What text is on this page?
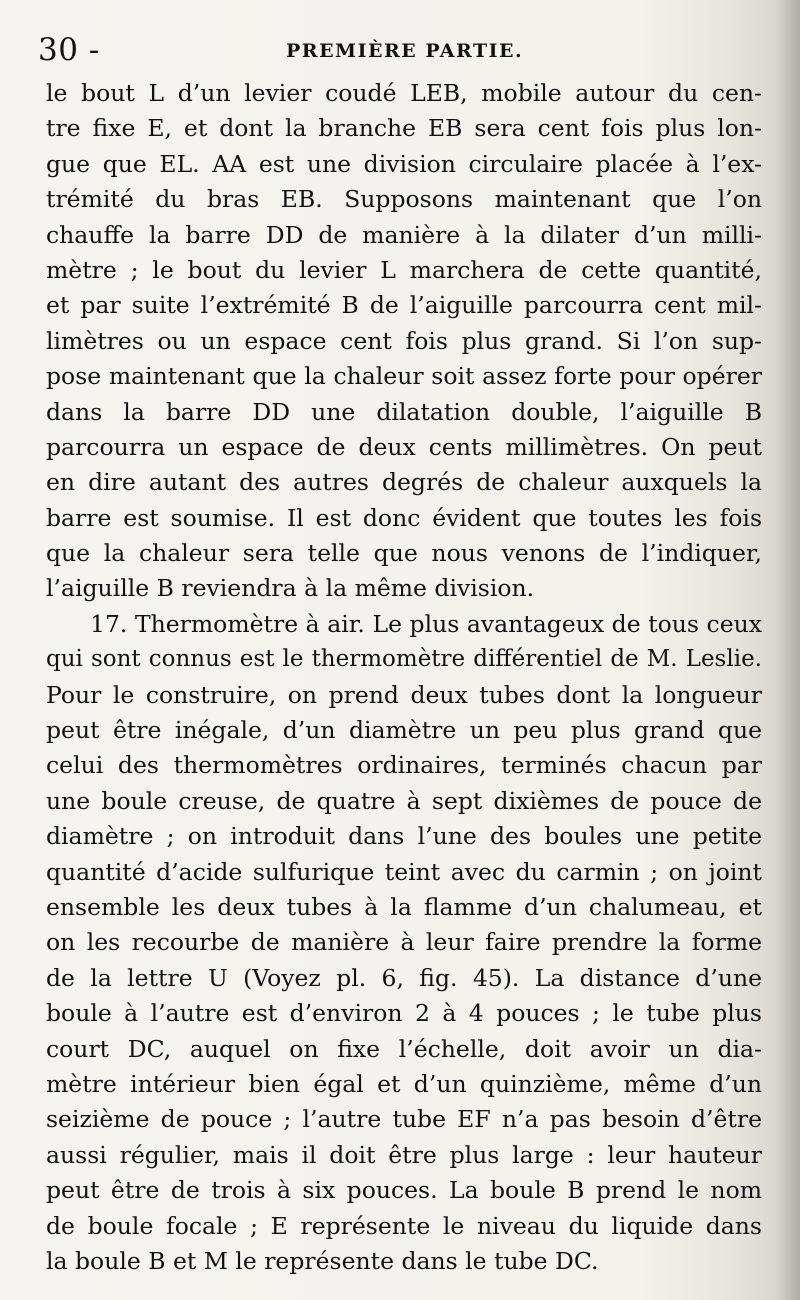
30 -	PREMIÈRE PARTIE.
le bout L d’un levier coudé LEB, mobile autour du cen-
tre fixe E, et dont la branche EB sera cent fois plus lon-
gue que EL. AA est une division circulaire placée à l’ex-
trémité du bras EB. Supposons maintenant que l’on
chauffe la barre DD de manière à la dilater d’un milli-
mètre ; le bout du levier L marchera de cette quantité,
et par suite l’extrémité B de l’aiguille parcourra cent mil-
limètres ou un espace cent fois plus grand. Si l’on sup-
pose maintenant que la chaleur soit assez forte pour opérer
dans la barre DD une dilatation double, l’aiguille B
parcourra un espace de deux cents millimètres. On peut
en dire autant des autres degrés de chaleur auxquels la
barre est soumise. Il est donc évident que toutes les fois
que la chaleur sera telle que nous venons de l’indiquer,
l’aiguille B reviendra à la même division.
17. Thermomètre à air. Le plus avantageux de tous ceux
qui sont connus est le thermomètre différentiel de M. Leslie.
Pour le construire, on prend deux tubes dont la longueur
peut être inégale, d’un diamètre un peu plus grand que
celui des thermomètres ordinaires, terminés chacun par
une boule creuse, de quatre à sept dixièmes de pouce de
diamètre ; on introduit dans l’une des boules une petite
quantité d’acide sulfurique teint avec du carmin ; on joint
ensemble les deux tubes à la flamme d’un chalumeau, et
on les recourbe de manière à leur faire prendre la forme
de la lettre U (Voyez pl. 6, fig. 45). La distance d’une
boule à l’autre est d’environ 2 à 4 pouces ; le tube plus
court DC, auquel on fixe l’échelle, doit avoir un dia-
mètre intérieur bien égal et d’un quinzième, même d’un
seizième de pouce ; l’autre tube EF n’a pas besoin d’être
aussi régulier, mais il doit être plus large : leur hauteur
peut être de trois à six pouces. La boule B prend le nom
de boule focale ; E représente le niveau du liquide dans
la boule B et M le représente dans le tube DC.
